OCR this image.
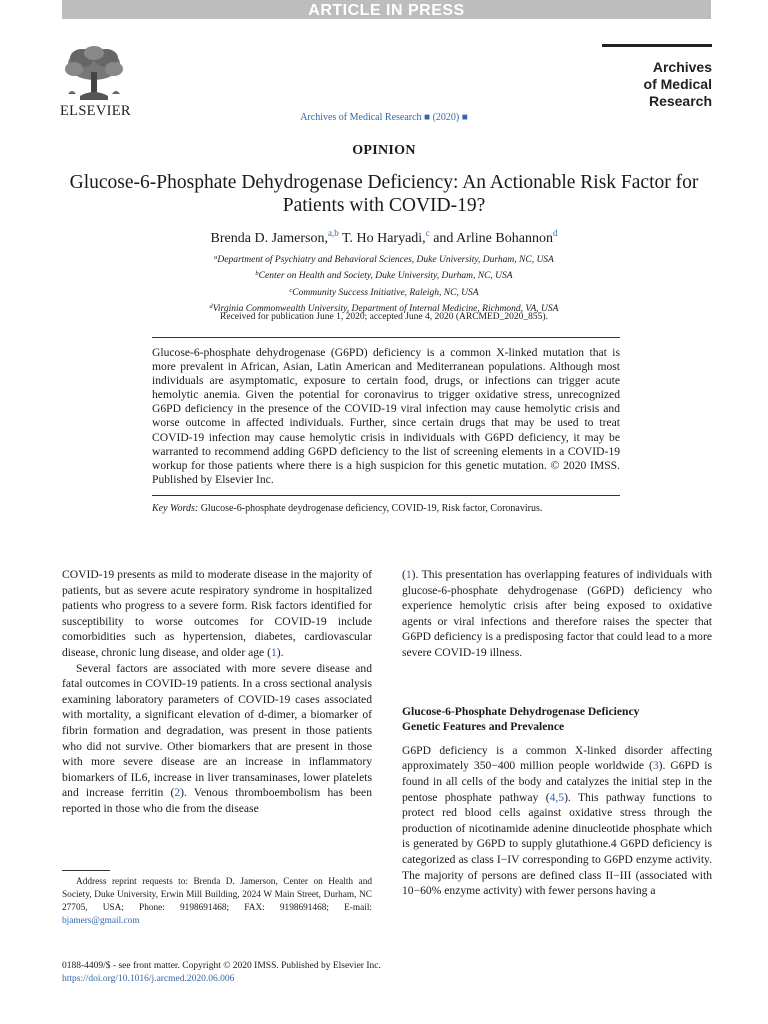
ARTICLE IN PRESS
ELSEVIER
Archives
of Medical
Research
Archives of Medical Research ■ (2020) ■
OPINION
Glucose-6-Phosphate Dehydrogenase Deficiency: An Actionable Risk Factor for Patients with COVID-19?
Brenda D. Jamerson,$^{a,b}$ T. Ho Haryadi,$^c$ and Arline Bohannon$^d$
$^a$Department of Psychiatry and Behavioral Sciences, Duke University, Durham, NC, USA
$^b$Center on Health and Society, Duke University, Durham, NC, USA
$^c$Community Success Initiative, Raleigh, NC, USA
$^d$Virginia Commonwealth University, Department of Internal Medicine, Richmond, VA, USA
Received for publication June 1, 2020; accepted June 4, 2020 (ARCMED_2020_855).

Glucose-6-phosphate dehydrogenase (G6PD) deficiency is a common X-linked mutation that is more prevalent in African, Asian, Latin American and Mediterranean populations. Although most individuals are asymptomatic, exposure to certain food, drugs, or infections can trigger acute hemolytic anemia. Given the potential for coronavirus to trigger oxidative stress, unrecognized G6PD deficiency in the presence of the COVID-19 viral infection may cause hemolytic crisis and worse outcome in affected individuals. Further, since certain drugs that may be used to treat COVID-19 infection may cause hemolytic crisis in individuals with G6PD deficiency, it may be warranted to recommend adding G6PD deficiency to the list of screening elements in a COVID-19 workup for those patients where there is a high suspicion for this genetic mutation. © 2020 IMSS. Published by Elsevier Inc.

Key Words: Glucose-6-phosphate deydrogenase deficiency, COVID-19, Risk factor, Coronavirus.

COVID-19 presents as mild to moderate disease in the majority of patients, but as severe acute respiratory syndrome in hospitalized patients who progress to a severe form. Risk factors identified for susceptibility to worse outcomes for COVID-19 include comorbidities such as hypertension, diabetes, cardiovascular disease, chronic lung disease, and older age (1).

Several factors are associated with more severe disease and fatal outcomes in COVID-19 patients. In a cross sectional analysis examining laboratory parameters of COVID-19 cases associated with mortality, a significant elevation of d-dimer, a biomarker of fibrin formation and degradation, was present in those patients who did not survive. Other biomarkers that are present in those with more severe disease are an increase in inflammatory biomarkers of IL6, increase in liver transaminases, lower platelets and increase ferritin (2). Venous thromboembolism has been reported in those who die from the disease

(1). This presentation has overlapping features of individuals with glucose-6-phosphate dehydrogenase (G6PD) deficiency who experience hemolytic crisis after being exposed to oxidative agents or viral infections and therefore raises the specter that G6PD deficiency is a predisposing factor that could lead to a more severe COVID-19 illness.

Glucose-6-Phosphate Dehydrogenase Deficiency
Genetic Features and Prevalence

G6PD deficiency is a common X-linked disorder affecting approximately 350−400 million people worldwide (3). G6PD is found in all cells of the body and catalyzes the initial step in the pentose phosphate pathway (4,5). This pathway functions to protect red blood cells against oxidative stress through the production of nicotinamide adenine dinucleotide phosphate which is generated by G6PD to supply glutathione.4 G6PD deficiency is categorized as class I−IV corresponding to G6PD enzyme activity. The majority of persons are defined class II−III (associated with 10−60% enzyme activity) with fewer persons having a

Address reprint requests to: Brenda D. Jamerson, Center on Health and Society, Duke University, Erwin Mill Building, 2024 W Main Street, Durham, NC 27705, USA; Phone: 9198691468; FAX: 9198691468; E-mail: bjamers@gmail.com
0188-4409/$ - see front matter. Copyright © 2020 IMSS. Published by Elsevier Inc.
https://doi.org/10.1016/j.arcmed.2020.06.006
